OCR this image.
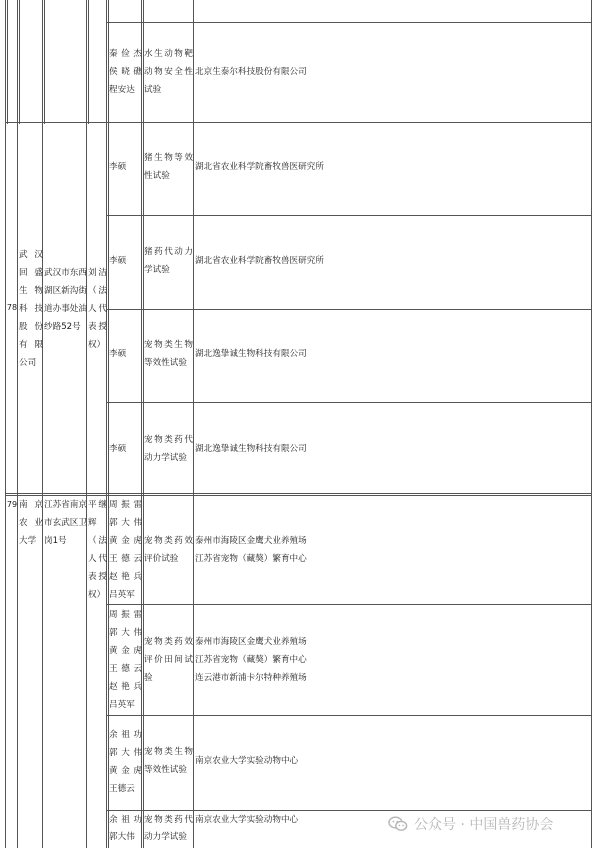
秦俭杰侯晓礁程安达
水生动物靶动物安全性试验
北京生泰尔科技股份有限公司
78
武汉回盛生物科技股份有限公司
武汉市东西湖区新沟街道办事处油纱路52号
刘洁（法人代表授权）
李硕
猪生物等效性试验
湖北省农业科学院畜牧兽医研究所
李硕
猪药代动力学试验
湖北省农业科学院畜牧兽医研究所
李硕
宠物类生物等效性试验
湖北逸挚诚生物科技有限公司
李硕
宠物类药代动力学试验
湖北逸挚诚生物科技有限公司
79 南京农业大学
江苏省南京市玄武区卫岗1号
平继辉（法人代表授权）
周振雷郭大伟黄金虎王德云赵艳兵吕英军
宠物类药效评价试验
泰州市海陵区金鹰犬业养殖场
江苏省宠物（藏獒）繁育中心
周振雷郭大伟黄金虎王德云赵艳兵吕英军
宠物类药效评价田间试验
泰州市海陵区金鹰犬业养殖场
江苏省宠物（藏獒）繁育中心
连云港市新浦卡尔特种养殖场
余祖功郭大伟黄金虎王德云
宠物类生物等效性试验
南京农业大学实验动物中心
余祖功郭大伟
宠物类药代动力学试验
南京农业大学实验动物中心	公众号 · 中国兽药协会
